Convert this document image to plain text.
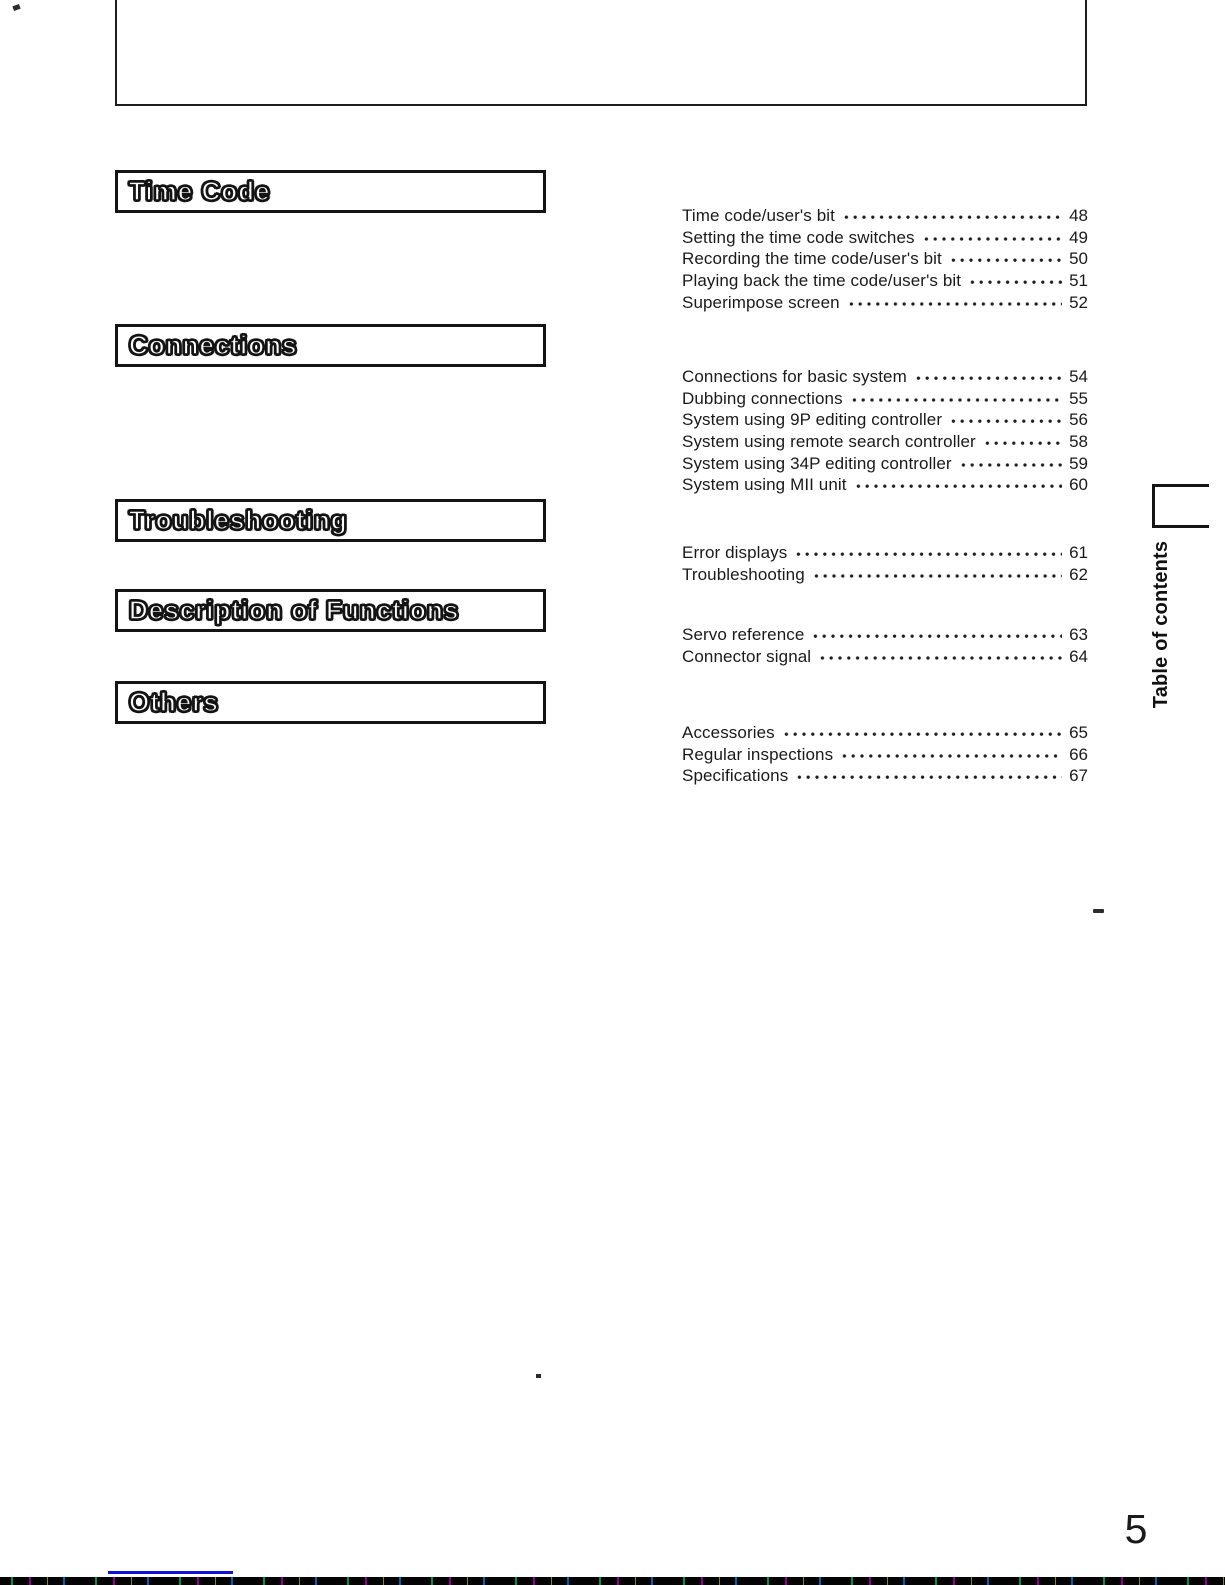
Time Code
Connections
Troubleshooting
Description of Functions
Others
Time code/user's bit	48
Setting the time code switches	49
Recording the time code/user's bit	50
Playing back the time code/user's bit	51
Superimpose screen	52
Connections for basic system	54
Dubbing connections	55
System using 9P editing controller	56
System using remote search controller	58
System using 34P editing controller	59
System using MII unit	60
Error displays	61
Troubleshooting	62
Servo reference	63
Connector signal	64
Accessories	65
Regular inspections	66
Specifications	67
Table of contents
5
